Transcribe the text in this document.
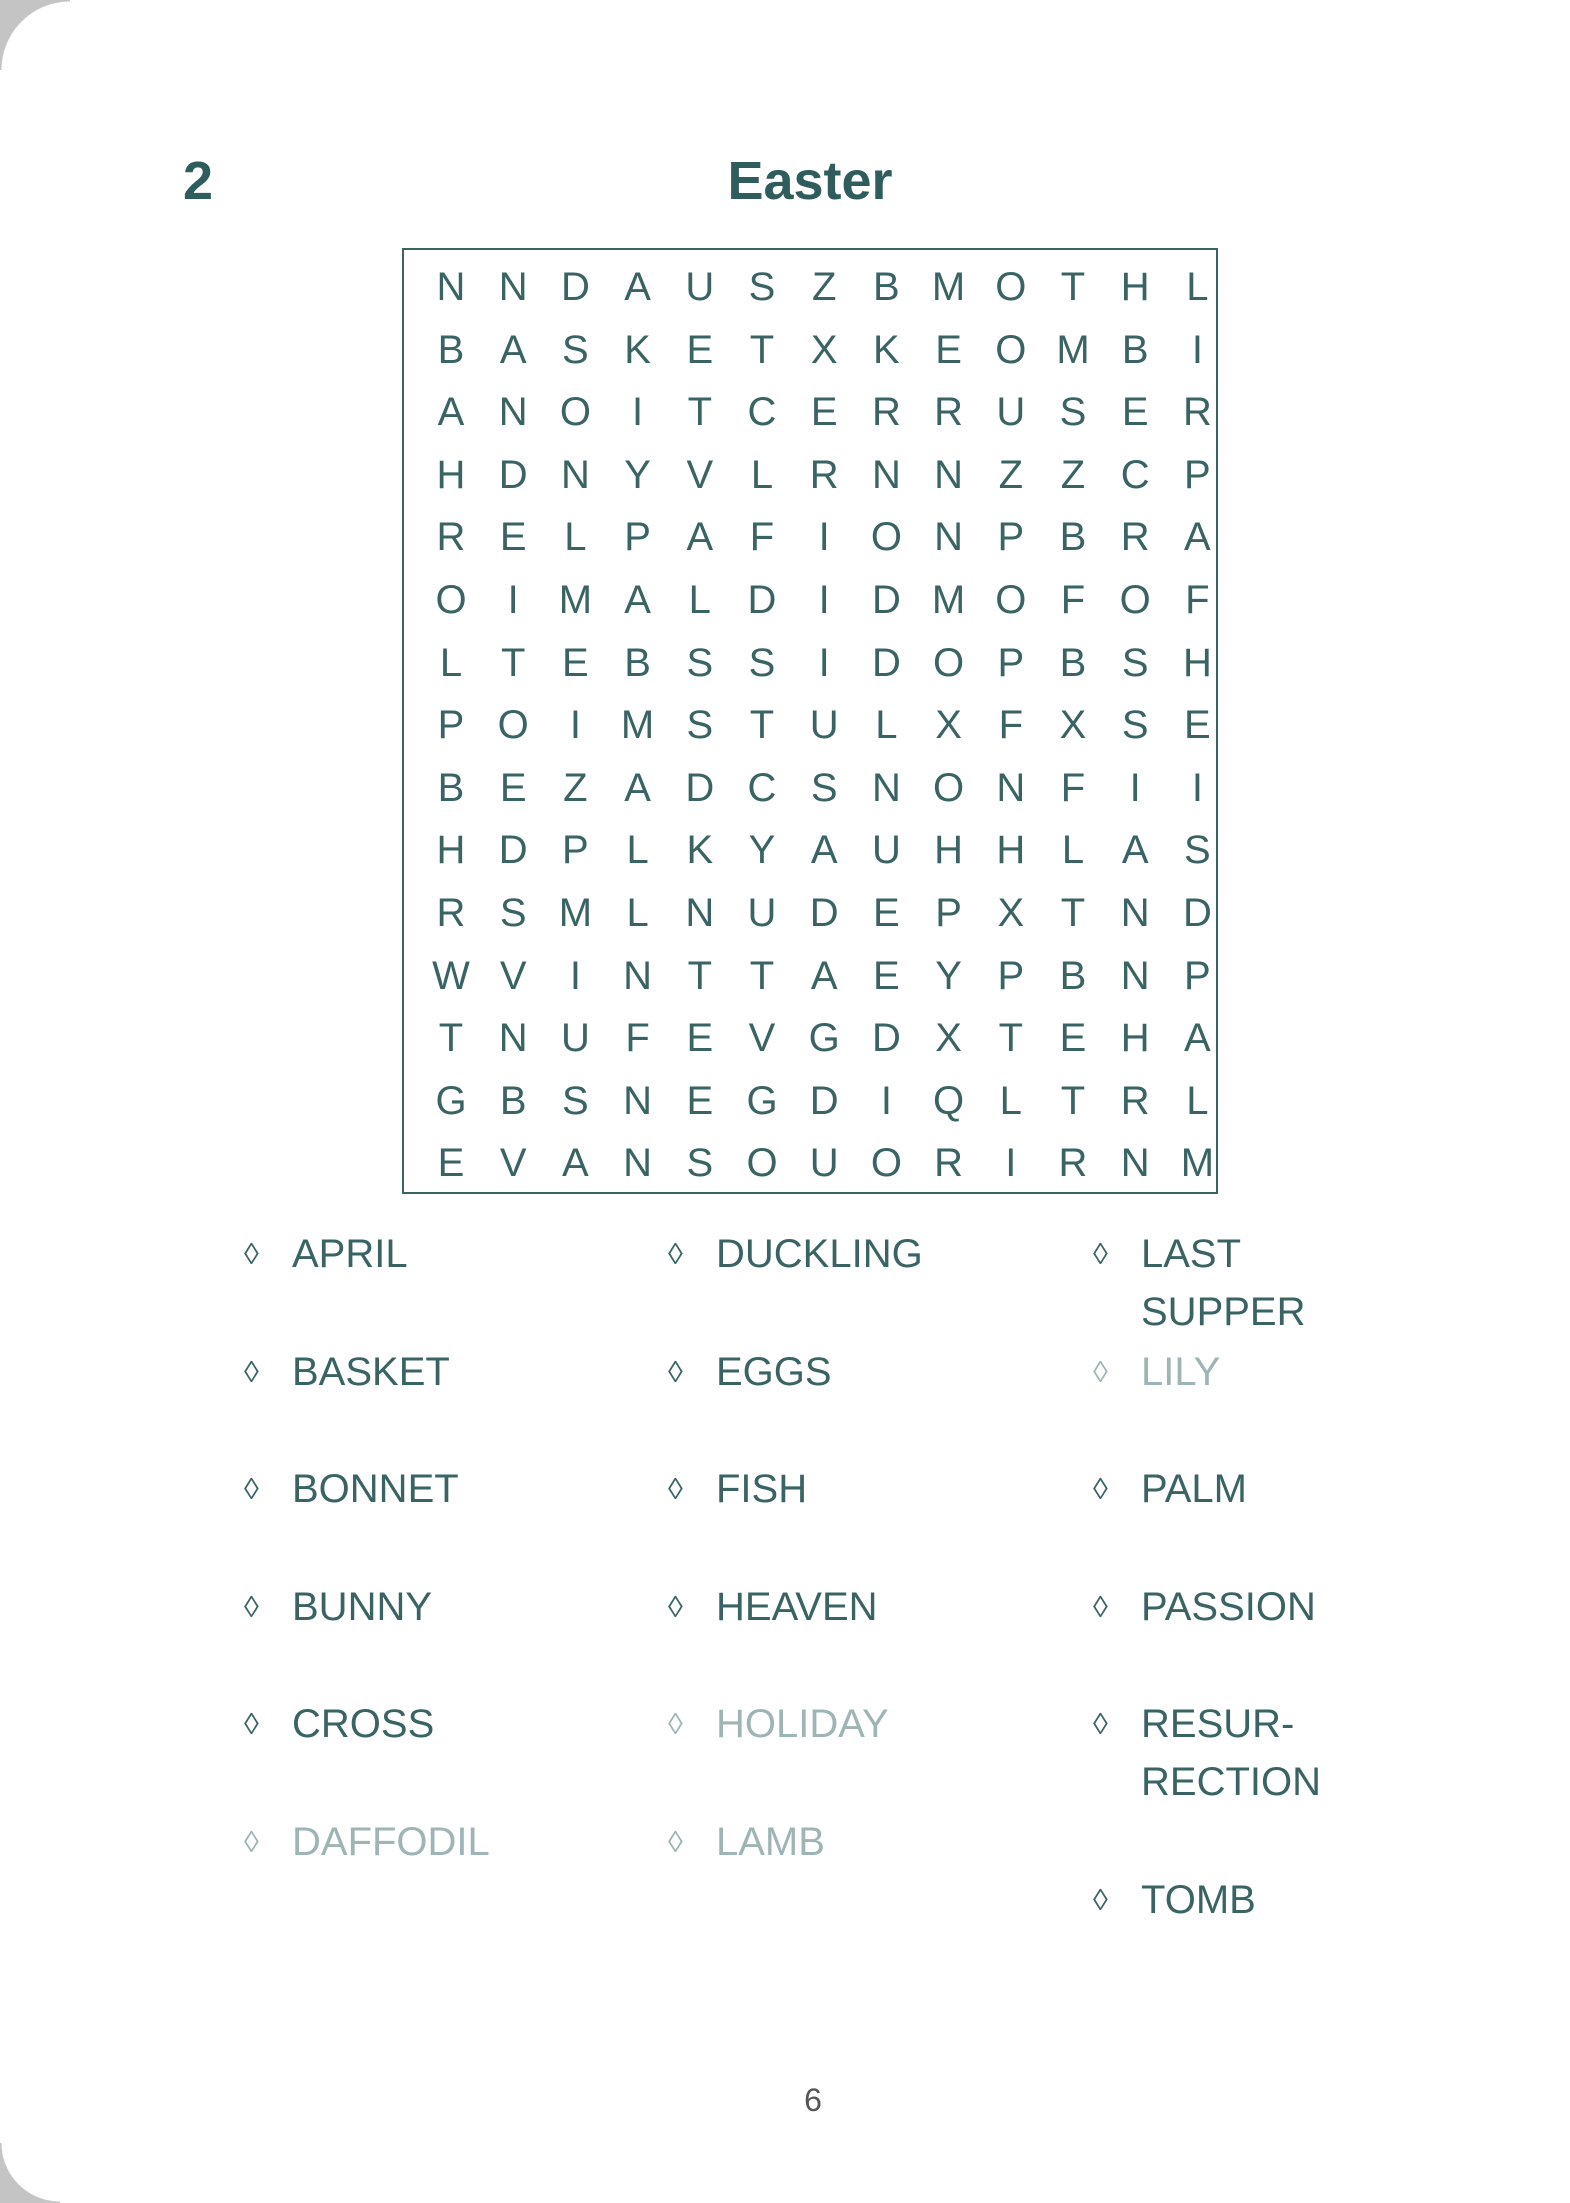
2	Easter
N N D A U S Z B M O T H L
B A S K E T X K E O M B	I
A N O	I	T C E R R U S E R
H D N Y V L R N N Z Z C P
R E L P A F	I	O N P B R A
O	I M A L D	I	D M O F O F
L T E B S S	I	D O P B S H
P O	I M S T U L X F X S E
B E Z A D C S N O N F	I	I
H D P L K Y A U H H L A S
R S M L N U D E P X T N D
W V	I	N T T A E Y P B N P
T N U F E V G D X T E H A
G B S N E G D	I	Q L T R L
E V A N S O U O R	I	R N M
◊ APRIL
◊ BASKET
◊ BONNET
◊ BUNNY
◊ CROSS
◊ DAFFODIL
◊ DUCKLING
◊ EGGS
◊ FISH
◊ HEAVEN
◊ HOLIDAY
◊ LAMB
◊ LAST SUPPER
◊ LILY
◊ PALM
◊ PASSION
◊ RESUR-
RECTION
◊ TOMB
6
